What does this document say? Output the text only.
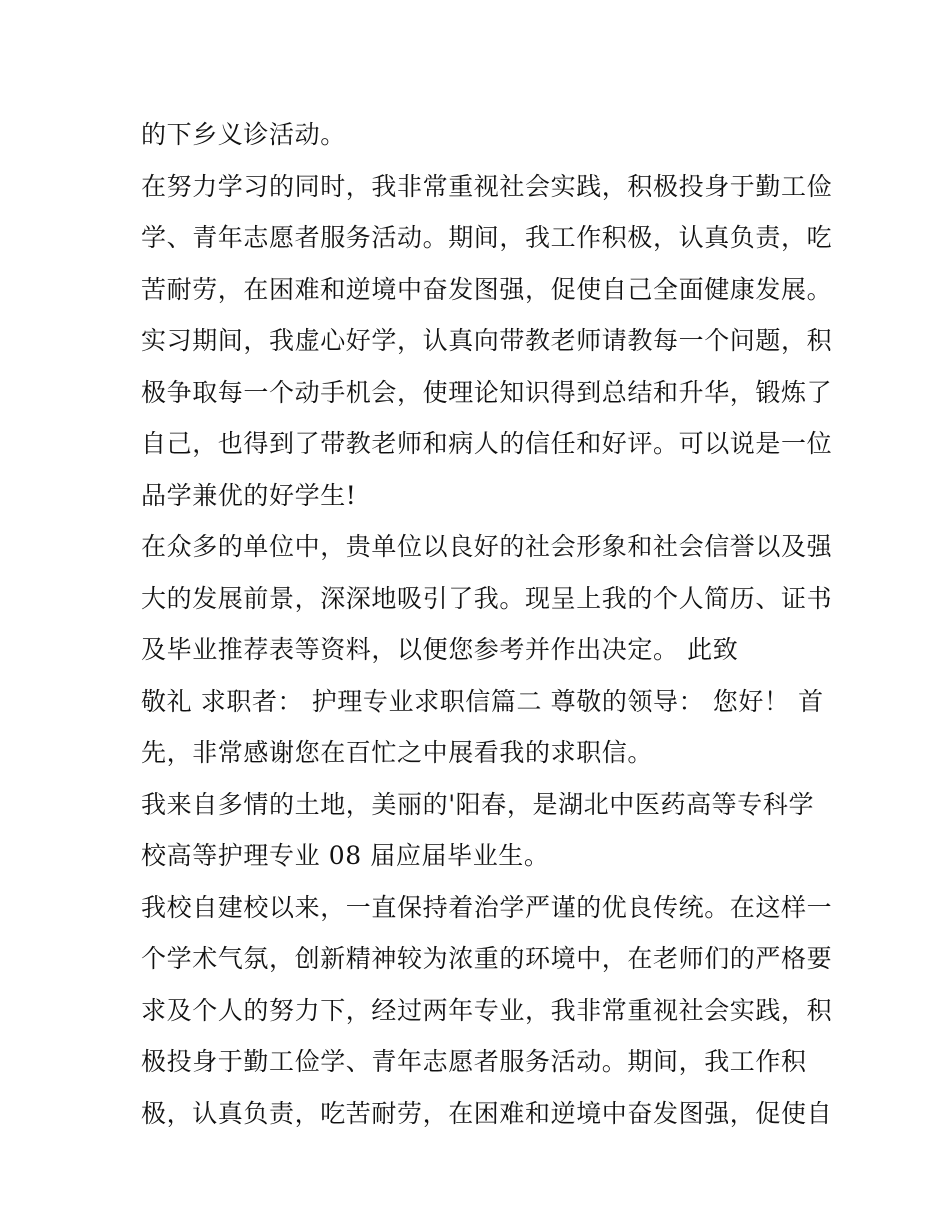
的下乡义诊活动。
在努力学习的同时，我非常重视社会实践，积极投身于勤工俭
学、青年志愿者服务活动。期间，我工作积极，认真负责，吃
苦耐劳，在困难和逆境中奋发图强，促使自己全面健康发展。
实习期间，我虚心好学，认真向带教老师请教每一个问题，积
极争取每一个动手机会，使理论知识得到总结和升华，锻炼了
自己，也得到了带教老师和病人的信任和好评。可以说是一位
品学兼优的好学生!
在众多的单位中，贵单位以良好的社会形象和社会信誉以及强
大的发展前景，深深地吸引了我。现呈上我的个人简历、证书
及毕业推荐表等资料，以便您参考并作出决定。 此致
敬礼 求职者： 护理专业求职信篇二 尊敬的领导： 您好！ 首
先，非常感谢您在百忙之中展看我的求职信。
我来自多情的土地，美丽的'阳春，是湖北中医药高等专科学
校高等护理专业 08 届应届毕业生。
我校自建校以来，一直保持着治学严谨的优良传统。在这样一
个学术气氛，创新精神较为浓重的环境中，在老师们的严格要
求及个人的努力下，经过两年专业，我非常重视社会实践，积
极投身于勤工俭学、青年志愿者服务活动。期间，我工作积
极，认真负责，吃苦耐劳，在困难和逆境中奋发图强，促使自
